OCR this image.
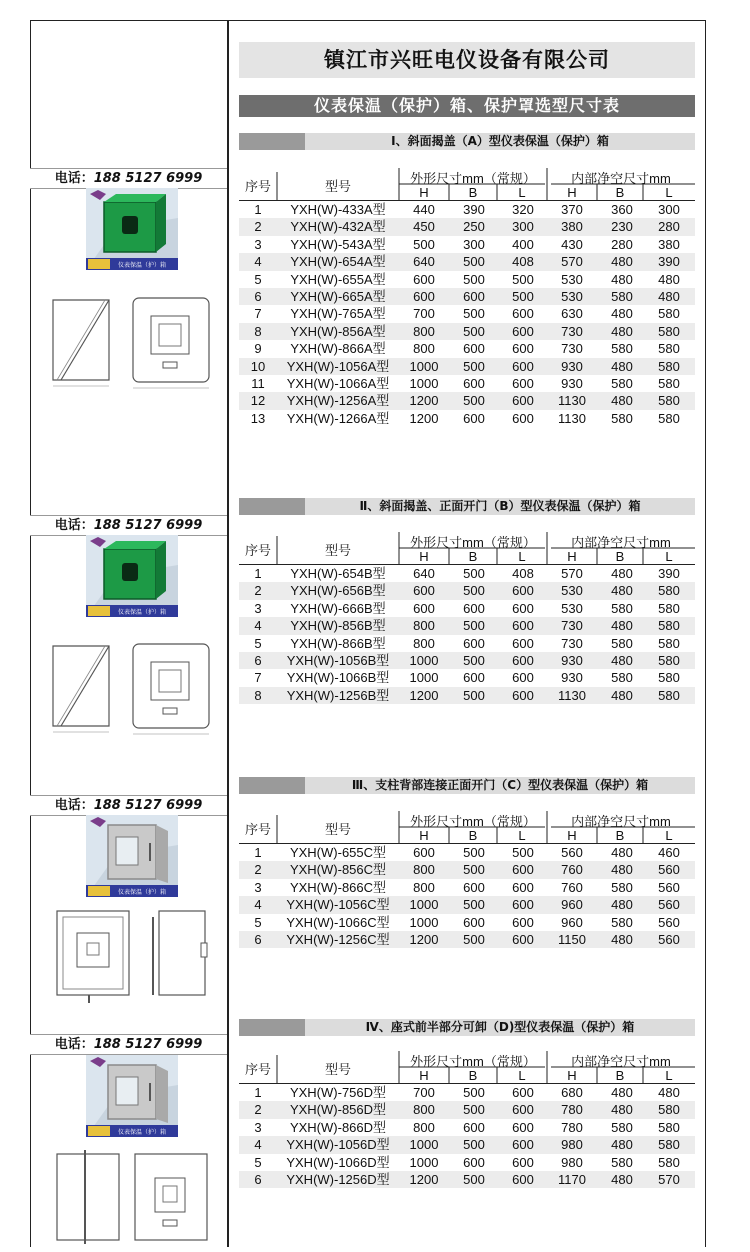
镇江市兴旺电仪设备有限公司
仪表保温（保护）箱、保护罩选型尺寸表
Ⅰ、斜面揭盖（A）型仪表保温（保护）箱
电话：188 5127 6999
仪表保温（护）箱
序号	型号
外形尺寸mm（常规）	内部净空尺寸mm
H	B	L	H	B	L
1	YXH(W)-433A型	440	390	320	370	360	300
2	YXH(W)-432A型	450	250	300	380	230	280
3	YXH(W)-543A型	500	300	400	430	280	380
4	YXH(W)-654A型	640	500	408	570	480	390
5	YXH(W)-655A型	600	500	500	530	480	480
6	YXH(W)-665A型	600	600	500	530	580	480
7	YXH(W)-765A型	700	500	600	630	480	580
8	YXH(W)-856A型	800	500	600	730	480	580
9	YXH(W)-866A型	800	600	600	730	580	580
10	YXH(W)-1056A型	1000	500	600	930	480	580
11	YXH(W)-1066A型	1000	600	600	930	580	580
12	YXH(W)-1256A型	1200	500	600	1130	480	580
13	YXH(W)-1266A型	1200	600	600	1130	580	580
Ⅱ、斜面揭盖、正面开门（B）型仪表保温（保护）箱
电话：188 5127 6999
仪表保温（护）箱
序号	型号
外形尺寸mm（常规）	内部净空尺寸mm
H	B	L	H	B	L
1	YXH(W)-654B型	640	500	408	570	480	390
2	YXH(W)-656B型	600	500	600	530	480	580
3	YXH(W)-666B型	600	600	600	530	580	580
4	YXH(W)-856B型	800	500	600	730	480	580
5	YXH(W)-866B型	800	600	600	730	580	580
6	YXH(W)-1056B型	1000	500	600	930	480	580
7	YXH(W)-1066B型	1000	600	600	930	580	580
8	YXH(W)-1256B型	1200	500	600	1130	480	580
Ⅲ、支柱背部连接正面开门（C）型仪表保温（保护）箱
电话：188 5127 6999
仪表保温（护）箱
序号	型号
外形尺寸mm（常规）	内部净空尺寸mm
H	B	L	H	B	L
1	YXH(W)-655C型	600	500	500	560	480	460
2	YXH(W)-856C型	800	500	600	760	480	560
3	YXH(W)-866C型	800	600	600	760	580	560
4	YXH(W)-1056C型	1000	500	600	960	480	560
5	YXH(W)-1066C型	1000	600	600	960	580	560
6	YXH(W)-1256C型	1200	500	600	1150	480	560
Ⅳ、座式前半部分可卸（D)型仪表保温（保护）箱
电话：188 5127 6999
仪表保温（护）箱
序号	型号
外形尺寸mm（常规）	内部净空尺寸mm
H	B	L	H	B	L
1	YXH(W)-756D型	700	500	600	680	480	480
2	YXH(W)-856D型	800	500	600	780	480	580
3	YXH(W)-866D型	800	600	600	780	580	580
4	YXH(W)-1056D型	1000	500	600	980	480	580
5	YXH(W)-1066D型	1000	600	600	980	580	580
6	YXH(W)-1256D型	1200	500	600	1170	480	570
